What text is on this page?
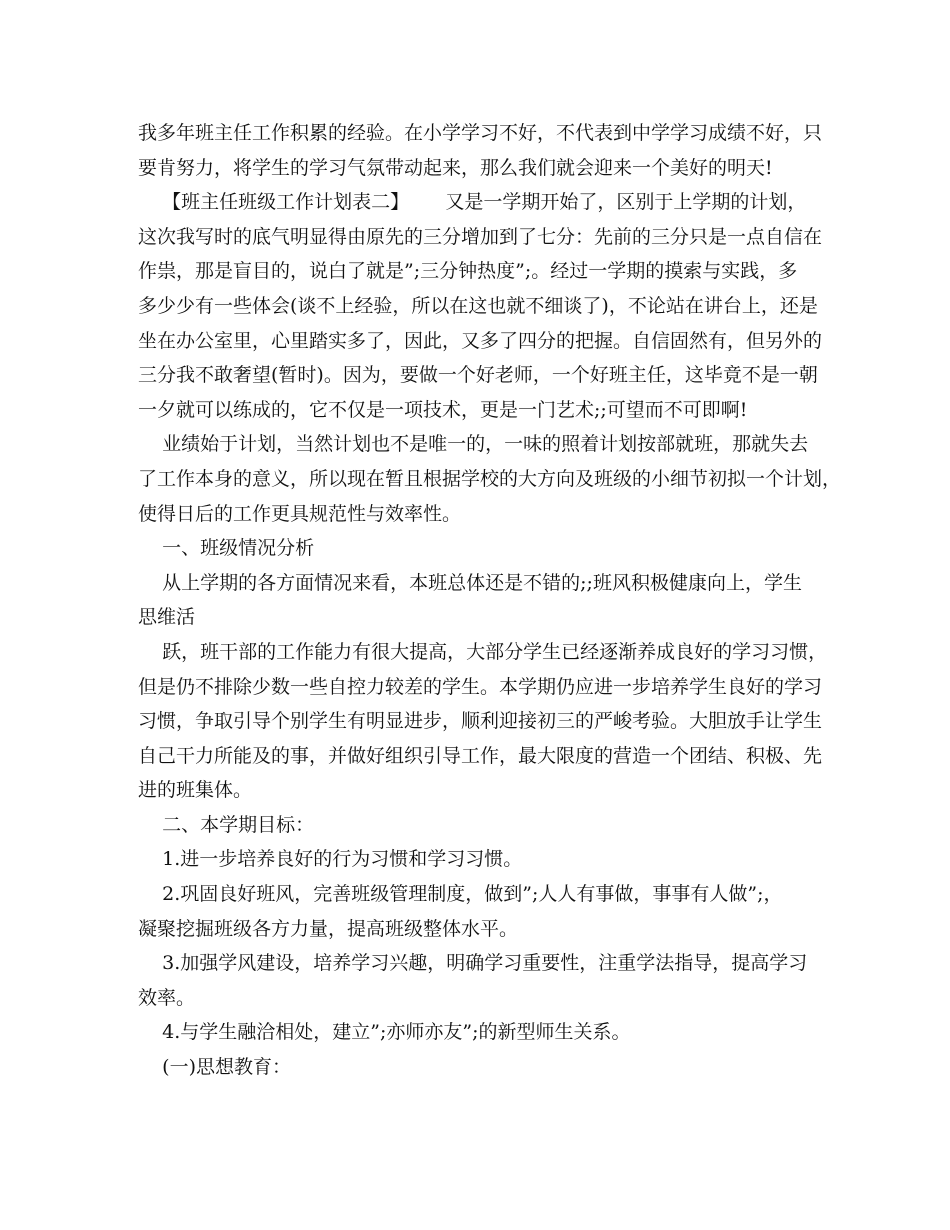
我多年班主任工作积累的经验。在小学学习不好，不代表到中学学习成绩不好，只
要肯努力，将学生的学习气氛带动起来，那么我们就会迎来一个美好的明天!
【班主任班级工作计划表二】      又是一学期开始了，区别于上学期的计划，
这次我写时的底气明显得由原先的三分增加到了七分：先前的三分只是一点自信在
作祟，那是盲目的，说白了就是”;三分钟热度”;。经过一学期的摸索与实践，多
多少少有一些体会(谈不上经验，所以在这也就不细谈了)，不论站在讲台上，还是
坐在办公室里，心里踏实多了，因此，又多了四分的把握。自信固然有，但另外的
三分我不敢奢望(暂时)。因为，要做一个好老师，一个好班主任，这毕竟不是一朝
一夕就可以练成的，它不仅是一项技术，更是一门艺术;;可望而不可即啊!
业绩始于计划，当然计划也不是唯一的，一味的照着计划按部就班，那就失去
了工作本身的意义，所以现在暂且根据学校的大方向及班级的小细节初拟一个计划，
使得日后的工作更具规范性与效率性。
一、班级情况分析
从上学期的各方面情况来看，本班总体还是不错的;;班风积极健康向上，学生
思维活
跃，班干部的工作能力有很大提高，大部分学生已经逐渐养成良好的学习习惯，
但是仍不排除少数一些自控力较差的学生。本学期仍应进一步培养学生良好的学习
习惯，争取引导个别学生有明显进步，顺利迎接初三的严峻考验。大胆放手让学生
自己干力所能及的事，并做好组织引导工作，最大限度的营造一个团结、积极、先
进的班集体。
二、本学期目标：
1.进一步培养良好的行为习惯和学习习惯。
2.巩固良好班风，完善班级管理制度，做到”;人人有事做，事事有人做”;，
凝聚挖掘班级各方力量，提高班级整体水平。
3.加强学风建设，培养学习兴趣，明确学习重要性，注重学法指导，提高学习
效率。
4.与学生融洽相处，建立”;亦师亦友”;的新型师生关系。
(一)思想教育：
